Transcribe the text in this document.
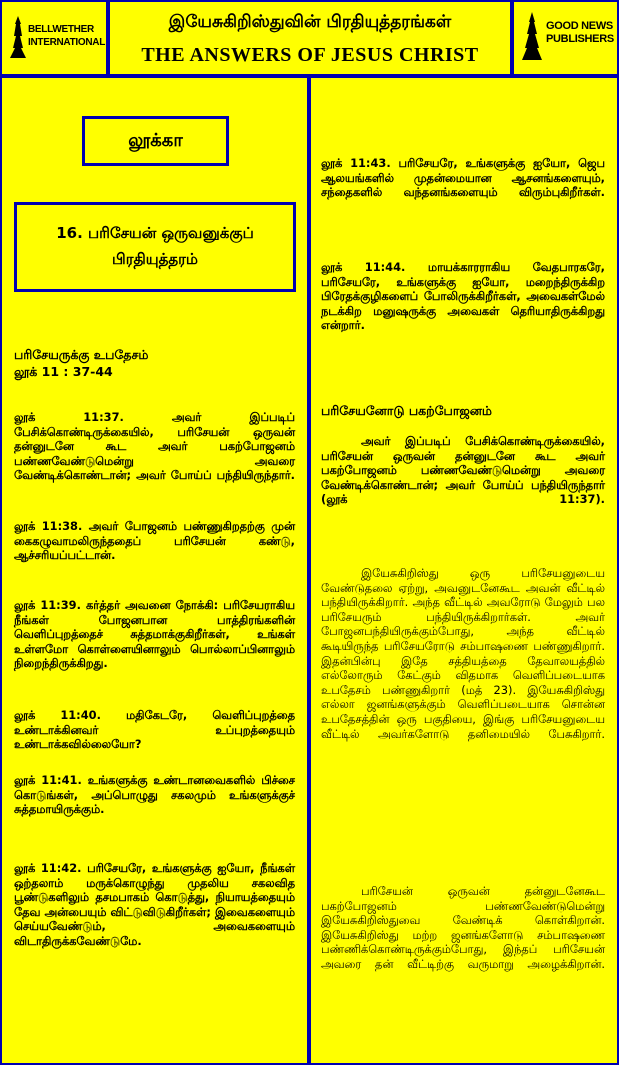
BELLWETHER
INTERNATIONAL
இயேசுகிறிஸ்துவின் பிரதியுத்தரங்கள்
THE ANSWERS OF JESUS CHRIST
GOOD NEWS
PUBLISHERS
லூக்கா
16. பரிசேயன் ஒருவனுக்குப் பிரதியுத்தரம்
பரிசேயருக்கு உபதேசம்
லூக் 11 : 37-44
லூக் 11:37. அவர் இப்படிப் பேசிக்கொண்டிருக்கையில், பரிசேயன் ஒருவன் தன்னுடனே கூட அவர் பகற்போஜனம் பண்ணவேண்டுமென்று அவரை வேண்டிக்கொண்டான்; அவர் போய்ப் பந்தியிருந்தார்.
லூக் 11:38. அவர் போஜனம் பண்ணுகிறதற்கு முன் கைகழுவாமலிருந்ததைப் பரிசேயன் கண்டு, ஆச்சரியப்பட்டான்.
லூக் 11:39. கர்த்தர் அவனை நோக்கி: பரிசேயராகிய நீங்கள் போஜனபான பாத்திரங்களின் வெளிப்புறத்தைச் சுத்தமாக்குகிறீர்கள், உங்கள் உள்ளமோ கொள்ளையினாலும் பொல்லாப்பினாலும் நிறைந்திருக்கிறது.
லூக் 11:40. மதிகேடரே, வெளிப்புறத்தை உண்டாக்கினவர் உப்புறத்தையும் உண்டாக்கவில்லையோ?
லூக் 11:41. உங்களுக்கு உண்டானவைகளில் பிச்சை கொடுங்கள், அப்பொழுது சகலமும் உங்களுக்குச் சுத்தமாயிருக்கும்.
லூக் 11:42. பரிசேயரே, உங்களுக்கு ஐயோ, நீங்கள் ஒற்தலாம் மருக்கொழுந்து முதலிய சகலவித பூண்டுகளிலும் தசமபாகம் கொடுத்து, நியாயத்தையும் தேவ அன்பையும் விட்டுவிடுகிறீர்கள்; இவைகளையும் செய்யவேண்டும், அவைகளையும் விடாதிருக்கவேண்டுமே.
லூக் 11:43. பரிசேயரே, உங்களுக்கு ஐயோ, ஜெப ஆலயங்களில் முதன்மையான ஆசனங்களையும், சந்தைகளில் வந்தனங்களையும் விரும்புகிறீர்கள்.
லூக் 11:44. மாயக்காரராகிய வேதபாரகரே, பரிசேயரே, உங்களுக்கு ஐயோ, மறைந்திருக்கிற பிரேதக்குழிகளைப் போலிருக்கிறீர்கள், அவைகள்மேல் நடக்கிற மனுஷருக்கு அவைகள் தெரியாதிருக்கிறது என்றார்.
பரிசேயனோடு பகற்போஜனம்
அவர் இப்படிப் பேசிக்கொண்டிருக்கையில், பரிசேயன் ஒருவன் தன்னுடனே கூட அவர் பகற்போஜனம் பண்ணவேண்டுமென்று அவரை வேண்டிக்கொண்டான்; அவர் போய்ப் பந்தியிருந்தார் (லூக் 11:37).
இயேசுகிறிஸ்து ஒரு பரிசேயனுடைய வேண்டுதலை ஏற்று, அவனுடனேகூட அவன் வீட்டில் பந்தியிருக்கிறார். அந்த வீட்டில் அவரோடு மேலும் பல பரிசேயரும் பந்தியிருக்கிறார்கள். அவர் போஜனபந்தியிருக்கும்போது, அந்த வீட்டில் கூடியிருந்த பரிசேயரோடு சம்பாஷணை பண்ணுகிறார். இதன்பின்பு இதே சத்தியத்தை தேவாலயத்தில் எல்லோரும் கேட்கும் விதமாக வெளிப்படையாக உபதேசம் பண்ணுகிறார் (மத் 23). இயேசுகிறிஸ்து எல்லா ஜனங்களுக்கும் வெளிப்படையாக சொன்ன உபதேசத்தின் ஒரு பகுதியை, இங்கு பரிசேயனுடைய வீட்டில் அவர்களோடு தனிமையில் பேசுகிறார்.
பரிசேயன் ஒருவன் தன்னுடனேகூட பகற்போஜனம் பண்ணவேண்டுமென்று இயேசுகிறிஸ்துவை வேண்டிக் கொள்கிறான். இயேசுகிறிஸ்து மற்ற ஜனங்களோடு சம்பாஷணை பண்ணிக்கொண்டிருக்கும்போது, இந்தப் பரிசேயன் அவரை தன் வீட்டிற்கு வருமாறு அழைக்கிறான்.
